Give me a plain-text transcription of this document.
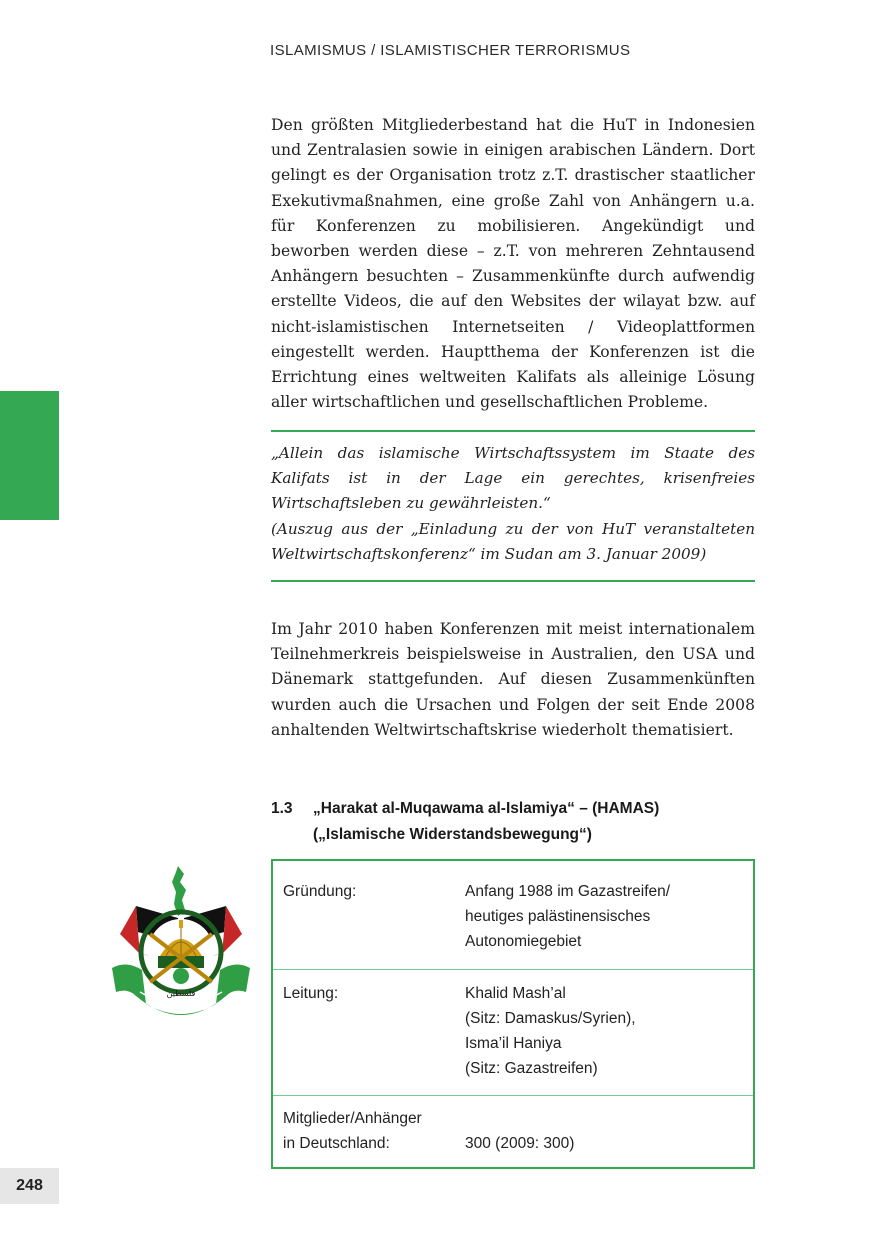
ISLAMISMUS / ISLAMISTISCHER TERRORISMUS
Den größten Mitgliederbestand hat die HuT in Indonesien und Zentralasien sowie in einigen arabischen Ländern. Dort gelingt es der Organisation trotz z.T. drastischer staatlicher Exekutivmaßnahmen, eine große Zahl von Anhängern u.a. für Konferenzen zu mobilisieren. Angekündigt und beworben werden diese – z.T. von mehreren Zehntausend Anhängern besuchten – Zusammenkünfte durch aufwendig erstellte Videos, die auf den Websites der wilayat bzw. auf nicht-islamistischen Internetseiten / Videoplattformen eingestellt werden. Hauptthema der Konferenzen ist die Errichtung eines weltweiten Kalifats als alleinige Lösung aller wirtschaftlichen und gesellschaftlichen Probleme.

„Allein das islamische Wirtschaftssystem im Staate des Kalifats ist in der Lage ein gerechtes, krisenfreies Wirtschaftsleben zu gewährleisten.“

(Auszug aus der „Einladung zu der von HuT veranstalteten Weltwirtschaftskonferenz“ im Sudan am 3. Januar 2009)

Im Jahr 2010 haben Konferenzen mit meist internationalem Teilnehmerkreis beispielsweise in Australien, den USA und Dänemark stattgefunden. Auf diesen Zusammenkünften wurden auch die Ursachen und Folgen der seit Ende 2008 anhaltenden Weltwirtschaftskrise wiederholt thematisiert.
1.3	„Harakat al-Muqawama al-Islamiya“ – (HAMAS)
(„Islamische Widerstandsbewegung“)
فلسطين
حركة المقاومة الاسلامية - حماس
Gründung:	Anfang 1988 im Gazastreifen/
heutiges palästinensisches
Autonomiegebiet
Leitung:	Khalid Mash’al
(Sitz: Damaskus/Syrien),
Isma’il Haniya
(Sitz: Gazastreifen)
Mitglieder/Anhänger
in Deutschland:	300 (2009: 300)
248
